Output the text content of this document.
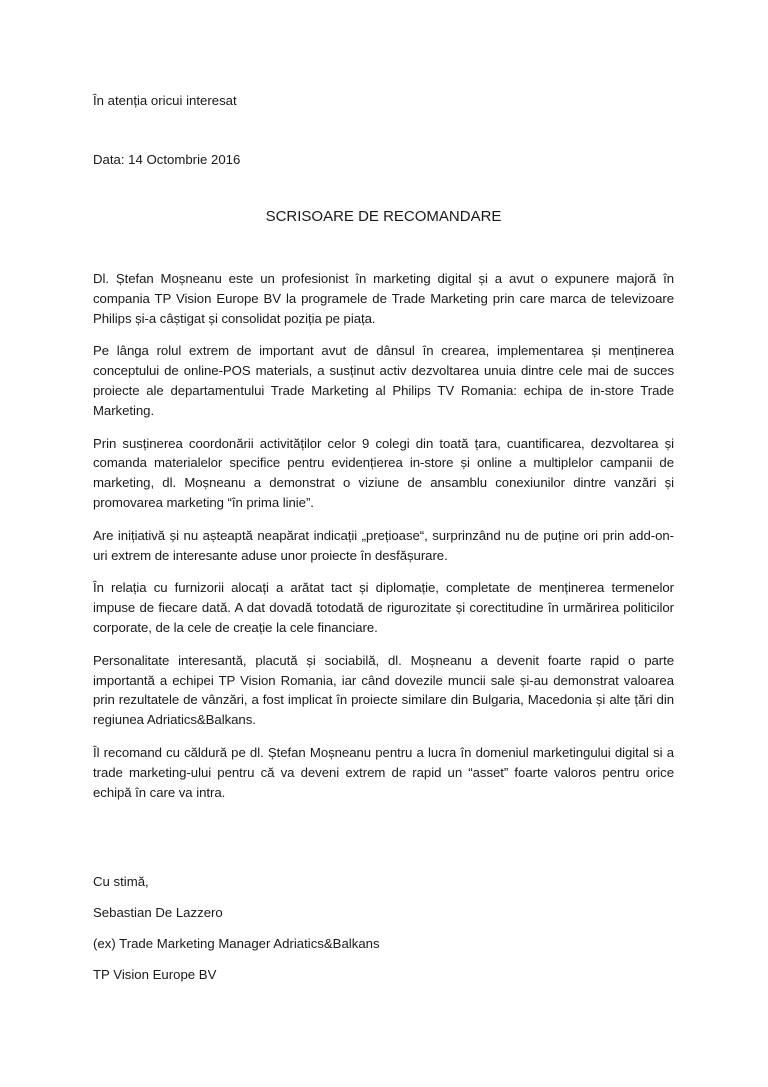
În atenția oricui interesat

Data: 14 Octombrie 2016

SCRISOARE DE RECOMANDARE

Dl. Ștefan Moșneanu este un profesionist în marketing digital și a avut o expunere majoră în compania TP Vision Europe BV la programele de Trade Marketing prin care marca de televizoare Philips și-a câștigat și consolidat poziția pe piața.

Pe lânga rolul extrem de important avut de dânsul în crearea, implementarea și menținerea conceptului de online-POS materials, a susținut activ dezvoltarea unuia dintre cele mai de succes proiecte ale departamentului Trade Marketing al Philips TV Romania: echipa de in-store Trade Marketing.

Prin susținerea coordonării activităților celor 9 colegi din toată țara, cuantificarea, dezvoltarea și comanda materialelor specifice pentru evidențierea in-store și online a multiplelor campanii de marketing, dl. Moșneanu a demonstrat o viziune de ansamblu conexiunilor dintre vanzări și promovarea marketing “în prima linie”.

Are inițiativă și nu așteaptă neapărat indicații „prețioase“, surprinzând nu de puține ori prin add-on-uri extrem de interesante aduse unor proiecte în desfășurare.

În relația cu furnizorii alocați a arătat tact și diplomație, completate de menținerea termenelor impuse de fiecare dată. A dat dovadă totodată de rigurozitate și corectitudine în urmărirea politicilor corporate, de la cele de creație la cele financiare.

Personalitate interesantă, placută și sociabilă, dl. Moșneanu a devenit foarte rapid o parte importantă a echipei TP Vision Romania, iar când dovezile muncii sale și-au demonstrat valoarea prin rezultatele de vânzări, a fost implicat în proiecte similare din Bulgaria, Macedonia și alte țări din regiunea Adriatics&Balkans.

Îl recomand cu căldură pe dl. Ștefan Moșneanu pentru a lucra în domeniul marketingului digital si a trade marketing-ului pentru că va deveni extrem de rapid un “asset” foarte valoros pentru orice echipă în care va intra.

Cu stimă,

Sebastian De Lazzero

(ex) Trade Marketing Manager Adriatics&Balkans

TP Vision Europe BV
